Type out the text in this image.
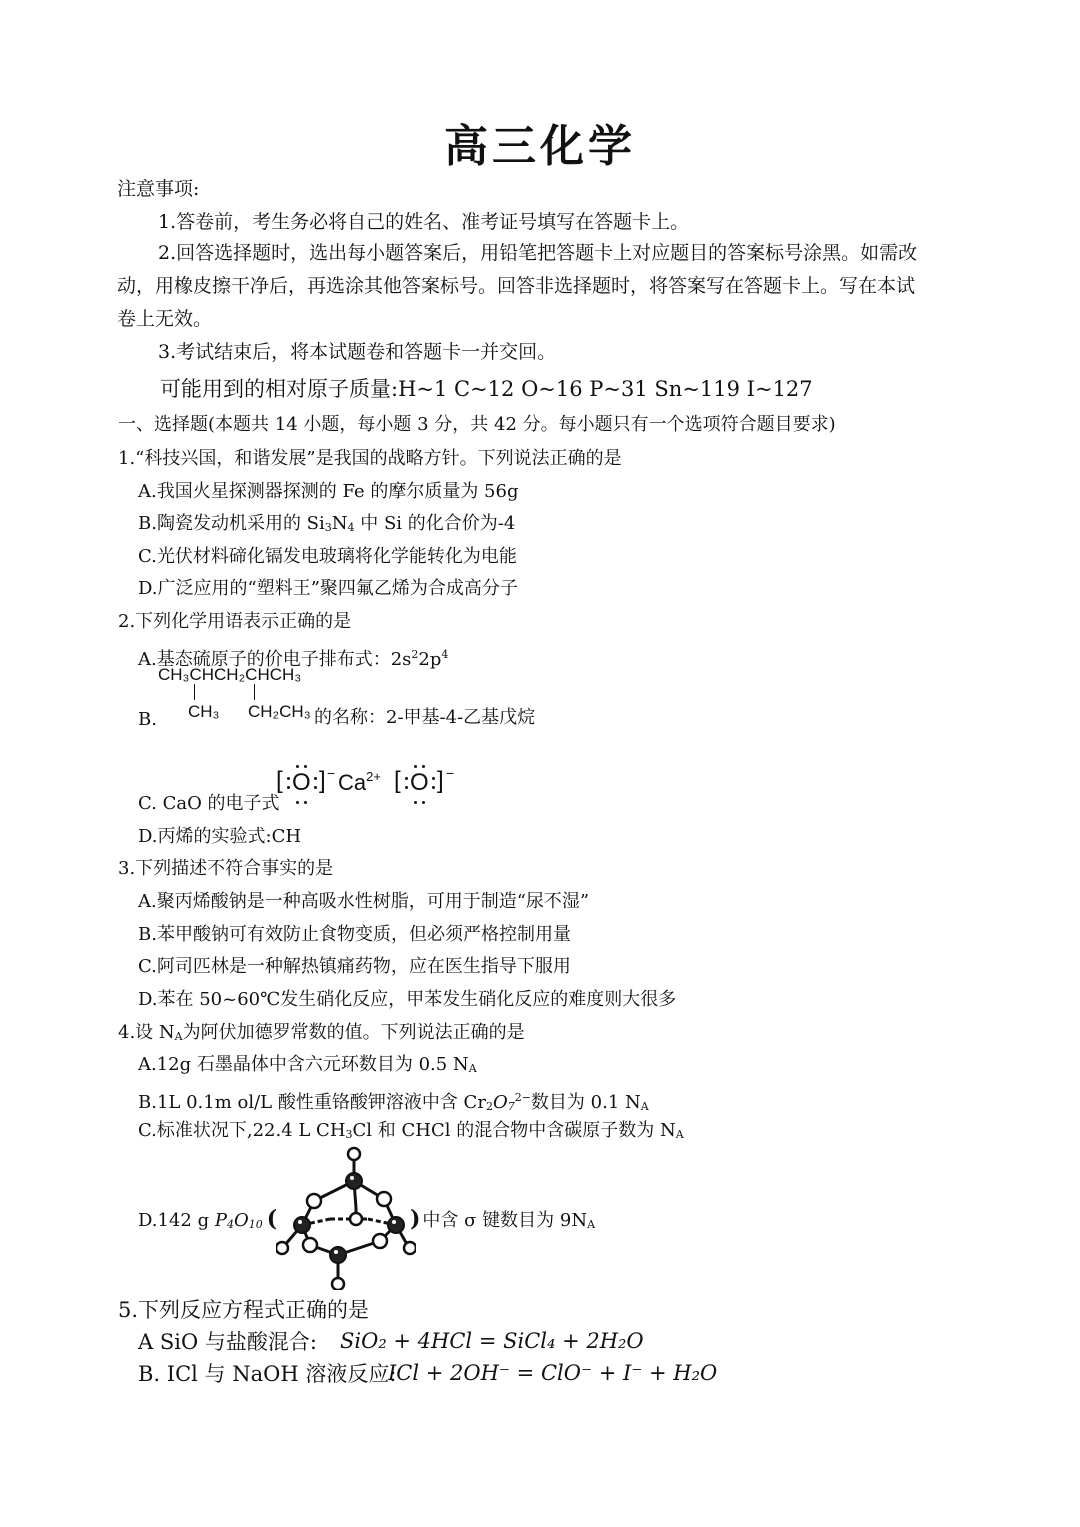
高三化学
注意事项:
1.答卷前，考生务必将自己的姓名、准考证号填写在答题卡上。
2.回答选择题时，选出每小题答案后，用铅笔把答题卡上对应题目的答案标号涂黑。如需改
动，用橡皮擦干净后，再选涂其他答案标号。回答非选择题时，将答案写在答题卡上。写在本试
卷上无效。
3.考试结束后，将本试题卷和答题卡一并交回。
可能用到的相对原子质量:H~1 C~12 O~16 P~31 Sn~119 I~127
一、选择题(本题共 14 小题，每小题 3 分，共 42 分。每小题只有一个选项符合题目要求)
1.“科技兴国，和谐发展”是我国的战略方针。下列说法正确的是
A.我国火星探测器探测的 Fe 的摩尔质量为 56g
B.陶瓷发动机采用的 Si3N4 中 Si 的化合价为-4
C.光伏材料碲化镉发电玻璃将化学能转化为电能
D.广泛应用的“塑料王”聚四氟乙烯为合成高分子
2.下列化学用语表示正确的是
A.基态硫原子的价电子排布式：$2s^22p^4$
B.
CH₃CHCH₂CHCH₃
CH₃ CH₂CH₃ 的名称：2-甲基-4-乙基戊烷
C. CaO 的电子式
[ O ] − $Ca^{2+}$ [ O ] −
D.丙烯的实验式:CH
3.下列描述不符合事实的是
A.聚丙烯酸钠是一种高吸水性树脂，可用于制造“尿不湿”
B.苯甲酸钠可有效防止食物变质，但必须严格控制用量
C.阿司匹林是一种解热镇痛药物，应在医生指导下服用
D.苯在 50~60℃发生硝化反应，甲苯发生硝化反应的难度则大很多
4.设 NA为阿伏加德罗常数的值。下列说法正确的是
A.12g 石墨晶体中含六元环数目为 0.5 NA
B.1L 0.1m ol/L 酸性重铬酸钾溶液中含 $Cr2O7^{2-}$数目为 0.1 NA
C.标准状况下,22.4 L CH3Cl 和 CHCl 的混合物中含碳原子数为 NA
D.142 g P4O10 (	) 中含 σ 键数目为 9NA
5.下列反应方程式正确的是
A SiO 与盐酸混合: SiO₂ + 4HCl = SiCl₄ + 2H₂O
B. ICl 与 NaOH 溶液反应:
ICl + 2OH⁻ = ClO⁻ + I⁻ + H₂O
